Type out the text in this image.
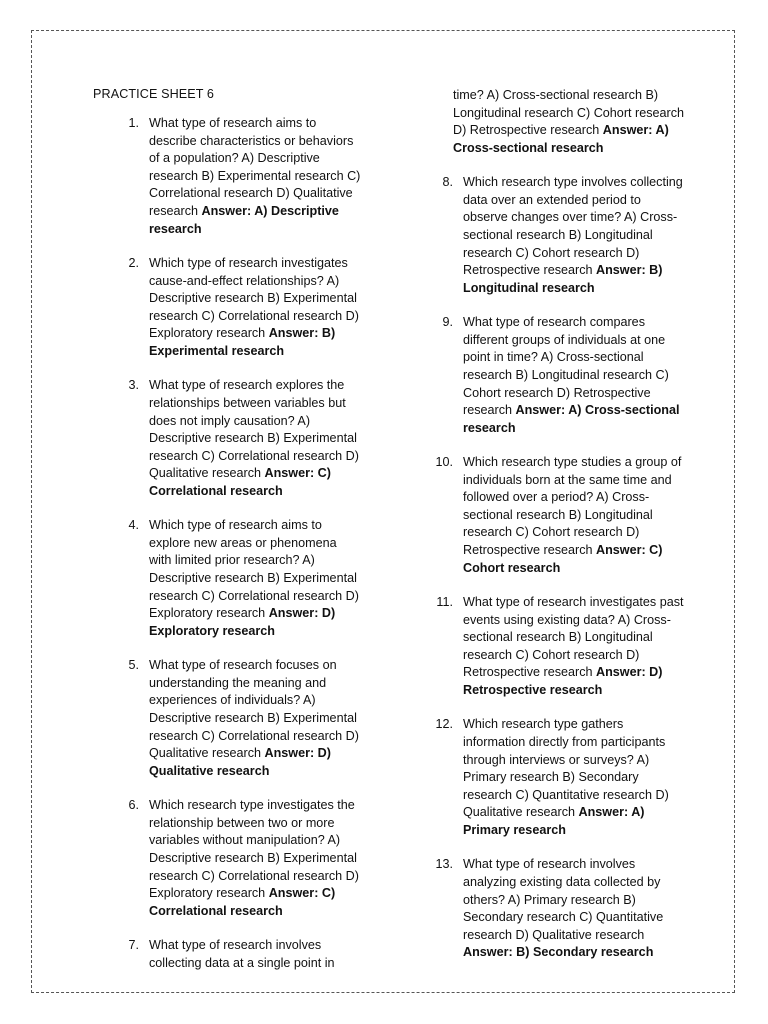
PRACTICE SHEET 6
1. What type of research aims to describe characteristics or behaviors of a population? A) Descriptive research B) Experimental research C) Correlational research D) Qualitative research Answer: A) Descriptive research
2. Which type of research investigates cause-and-effect relationships? A) Descriptive research B) Experimental research C) Correlational research D) Exploratory research Answer: B) Experimental research
3. What type of research explores the relationships between variables but does not imply causation? A) Descriptive research B) Experimental research C) Correlational research D) Qualitative research Answer: C) Correlational research
4. Which type of research aims to explore new areas or phenomena with limited prior research? A) Descriptive research B) Experimental research C) Correlational research D) Exploratory research Answer: D) Exploratory research
5. What type of research focuses on understanding the meaning and experiences of individuals? A) Descriptive research B) Experimental research C) Correlational research D) Qualitative research Answer: D) Qualitative research
6. Which research type investigates the relationship between two or more variables without manipulation? A) Descriptive research B) Experimental research C) Correlational research D) Exploratory research Answer: C) Correlational research
7. What type of research involves collecting data at a single point in
time? A) Cross-sectional research B) Longitudinal research C) Cohort research D) Retrospective research Answer: A) Cross-sectional research
8. Which research type involves collecting data over an extended period to observe changes over time? A) Cross-sectional research B) Longitudinal research C) Cohort research D) Retrospective research Answer: B) Longitudinal research
9. What type of research compares different groups of individuals at one point in time? A) Cross-sectional research B) Longitudinal research C) Cohort research D) Retrospective research Answer: A) Cross-sectional research
10. Which research type studies a group of individuals born at the same time and followed over a period? A) Cross-sectional research B) Longitudinal research C) Cohort research D) Retrospective research Answer: C) Cohort research
11. What type of research investigates past events using existing data? A) Cross-sectional research B) Longitudinal research C) Cohort research D) Retrospective research Answer: D) Retrospective research
12. Which research type gathers information directly from participants through interviews or surveys? A) Primary research B) Secondary research C) Quantitative research D) Qualitative research Answer: A) Primary research
13. What type of research involves analyzing existing data collected by others? A) Primary research B) Secondary research C) Quantitative research D) Qualitative research Answer: B) Secondary research
